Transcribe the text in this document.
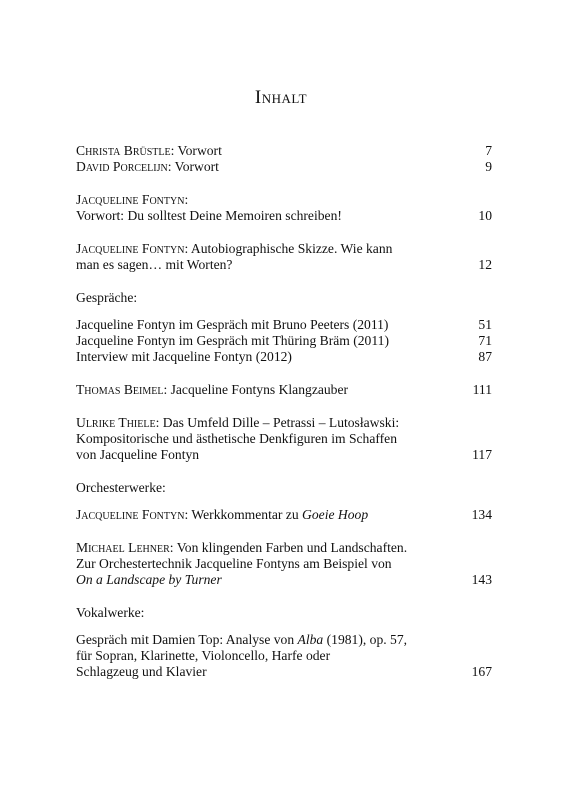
Inhalt
Christa Brüstle: Vorwort	7
David Porcelijn: Vorwort	9
Jacqueline Fontyn:
Vorwort: Du solltest Deine Memoiren schreiben!	10
Jacqueline Fontyn: Autobiographische Skizze. Wie kann
man es sagen… mit Worten?	12
Gespräche:
Jacqueline Fontyn im Gespräch mit Bruno Peeters (2011)	51
Jacqueline Fontyn im Gespräch mit Thüring Bräm (2011)	71
Interview mit Jacqueline Fontyn (2012)	87
Thomas Beimel: Jacqueline Fontyns Klangzauber	111
Ulrike Thiele: Das Umfeld Dille – Petrassi – Lutosławski:
Kompositorische und ästhetische Denkfiguren im Schaffen
von Jacqueline Fontyn	117
Orchesterwerke:
Jacqueline Fontyn: Werkkommentar zu Goeie Hoop	134
Michael Lehner: Von klingenden Farben und Landschaften.
Zur Orchestertechnik Jacqueline Fontyns am Beispiel von
On a Landscape by Turner	143
Vokalwerke:
Gespräch mit Damien Top: Analyse von Alba (1981), op. 57,
für Sopran, Klarinette, Violoncello, Harfe oder
Schlagzeug und Klavier	167
